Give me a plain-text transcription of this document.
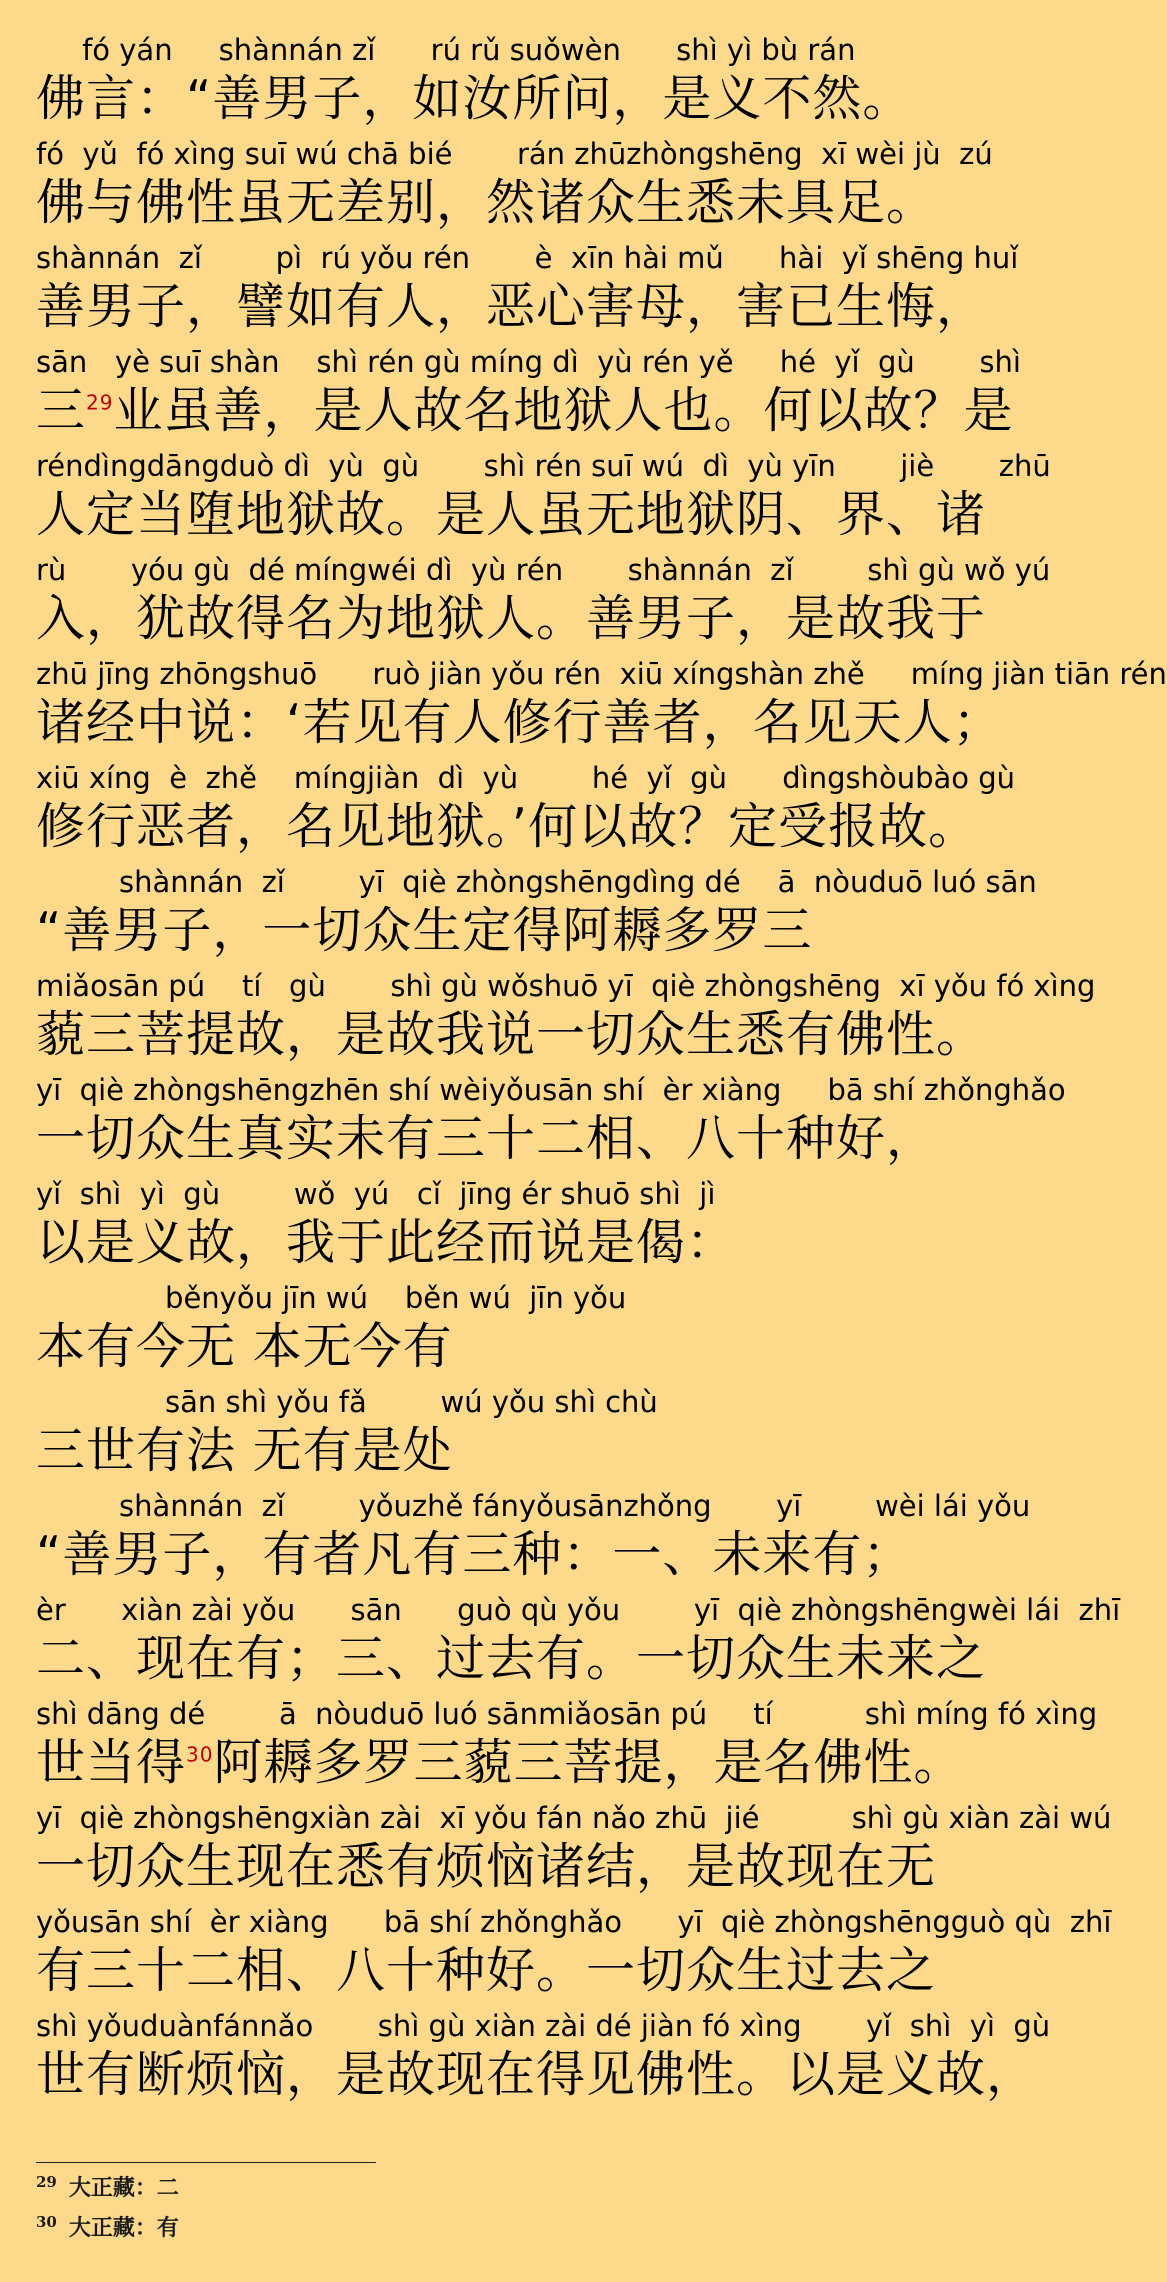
fó yán     shànnán zǐ      rú rǔ suǒwèn      shì yì bù rán
佛言：“善男子，如汝所问，是义不然。
fó  yǔ  fó xìng suī wú chā bié       rán zhūzhòngshēng  xī wèi jù  zú
佛与佛性虽无差别，然诸众生悉未具足。
shànnán  zǐ        pì  rú yǒu rén       è  xīn hài mǔ      hài  yǐ shēng huǐ
善男子，譬如有人，恶心害母，害已生悔，
sān   yè suī shàn    shì rén gù míng dì  yù rén yě     hé  yǐ  gù       shì
三$^{29}$业虽善，是人故名地狱人也。何以故？是
réndìngdāngduò dì  yù  gù       shì rén suī wú  dì  yù yīn       jiè       zhū
人定当堕地狱故。是人虽无地狱阴、界、诸
rù       yóu gù  dé míngwéi dì  yù rén       shànnán  zǐ        shì gù wǒ yú
入，犹故得名为地狱人。善男子，是故我于
zhū jīng zhōngshuō      ruò jiàn yǒu rén  xiū xíngshàn zhě     míng jiàn tiān rén
诸经中说：‘若见有人修行善者，名见天人；
xiū xíng  è  zhě    míngjiàn  dì  yù        hé  yǐ  gù      dìngshòubào gù
修行恶者，名见地狱。’何以故？定受报故。
shànnán  zǐ        yī  qiè zhòngshēngdìng dé    ā  nòuduō luó sān
“善男子，一切众生定得阿耨多罗三
miǎosān pú    tí   gù       shì gù wǒshuō yī  qiè zhòngshēng  xī yǒu fó xìng
藐三菩提故，是故我说一切众生悉有佛性。
yī  qiè zhòngshēngzhēn shí wèiyǒusān shí  èr xiàng     bā shí zhǒnghǎo
一切众生真实未有三十二相、八十种好，
yǐ  shì  yì  gù        wǒ  yú   cǐ  jīng ér shuō shì  jì
以是义故，我于此经而说是偈：
běnyǒu jīn wú    běn wú  jīn yǒu
本有今无 本无今有
sān shì yǒu fǎ        wú yǒu shì chù
三世有法 无有是处
shànnán  zǐ        yǒuzhě fányǒusānzhǒng       yī        wèi lái yǒu
“善男子，有者凡有三种：一、未来有；
èr      xiàn zài yǒu      sān      guò qù yǒu        yī  qiè zhòngshēngwèi lái  zhī
二、现在有；三、过去有。一切众生未来之
shì dāng dé        ā  nòuduō luó sānmiǎosān pú     tí          shì míng fó xìng
世当得$^{30}$阿耨多罗三藐三菩提，是名佛性。
yī  qiè zhòngshēngxiàn zài  xī yǒu fán nǎo zhū  jié          shì gù xiàn zài wú
一切众生现在悉有烦恼诸结，是故现在无
yǒusān shí  èr xiàng      bā shí zhǒnghǎo      yī  qiè zhòngshēngguò qù  zhī
有三十二相、八十种好。一切众生过去之
shì yǒuduànfánnǎo       shì gù xiàn zài dé jiàn fó xìng       yǐ  shì  yì  gù
世有断烦恼，是故现在得见佛性。以是义故，
$^{29}$ 大正藏：二
$^{30}$ 大正藏：有
